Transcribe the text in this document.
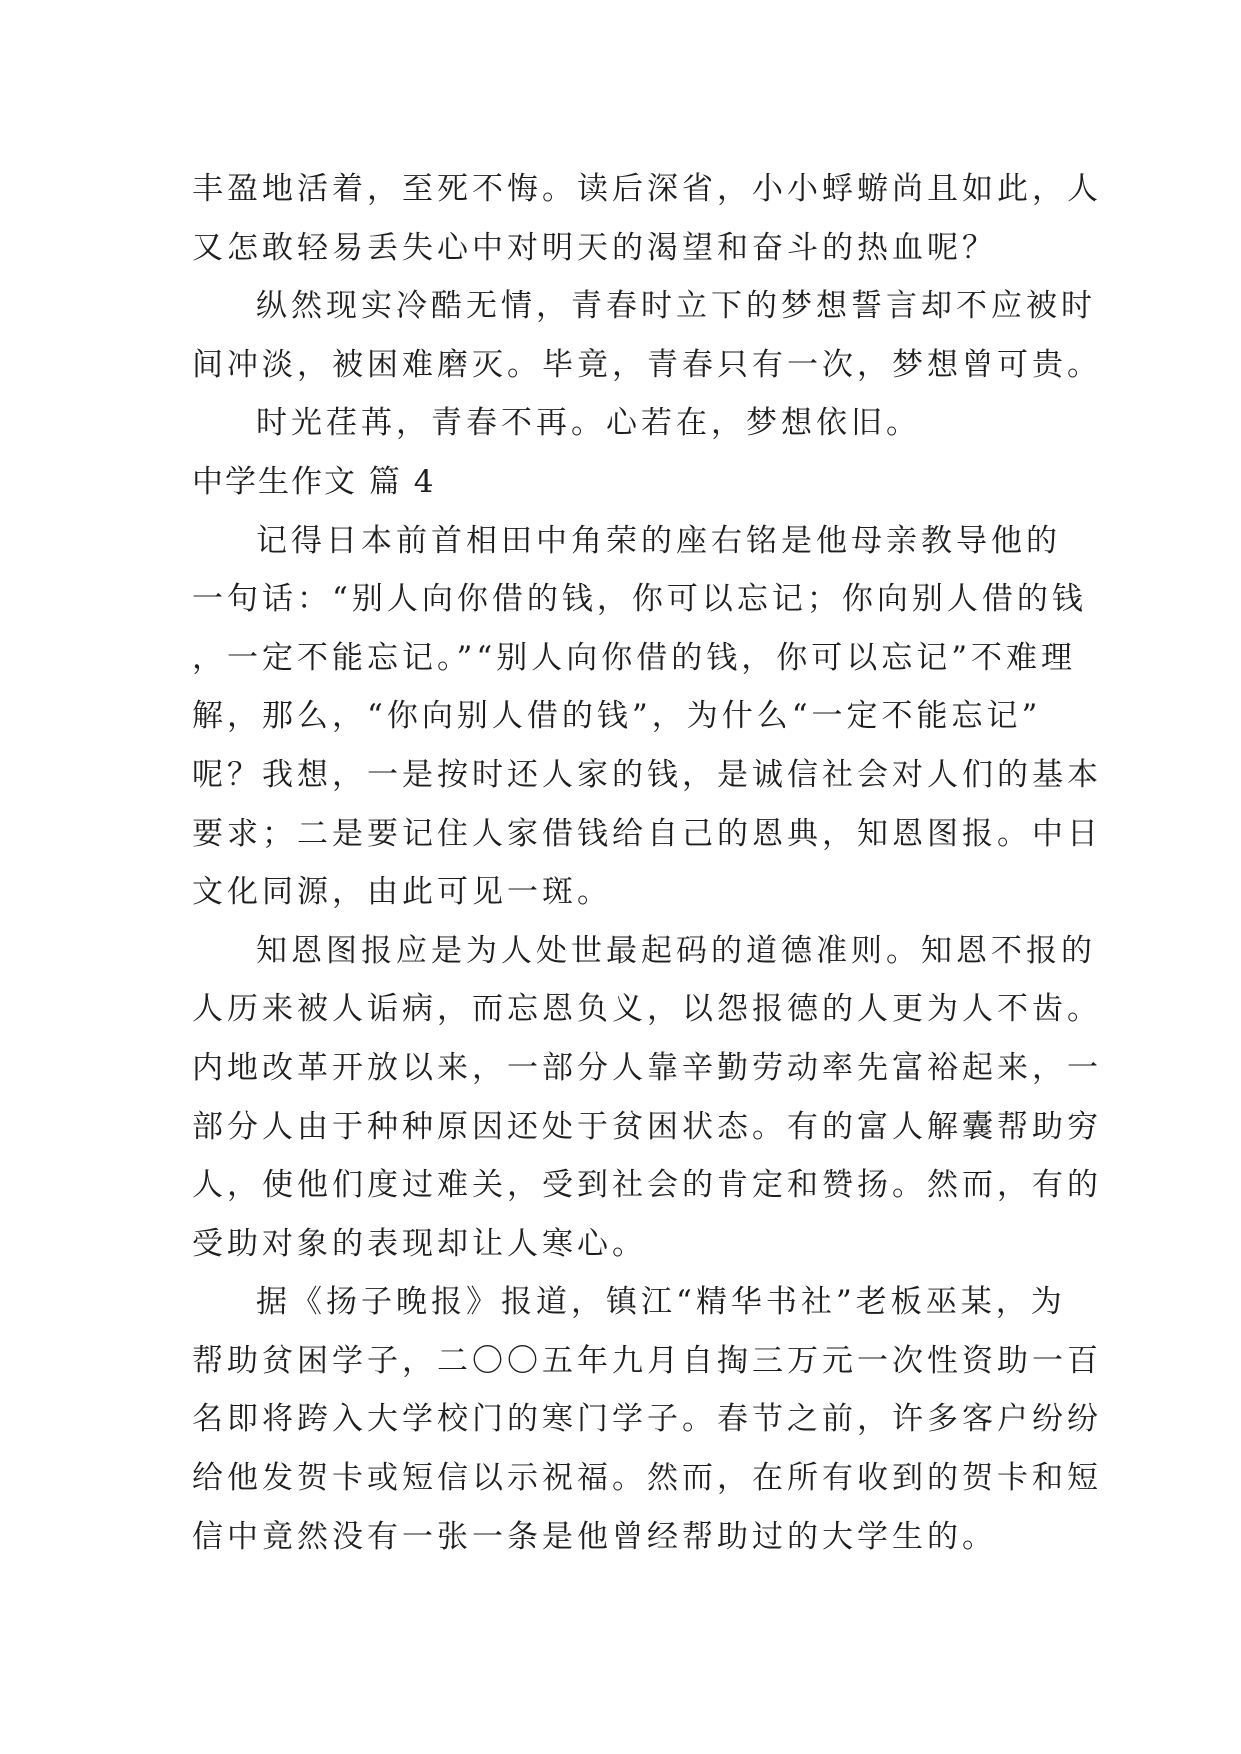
丰盈地活着，至死不悔。读后深省，小小蜉蝣尚且如此，人
又怎敢轻易丢失心中对明天的渴望和奋斗的热血呢？
纵然现实冷酷无情，青春时立下的梦想誓言却不应被时
间冲淡，被困难磨灭。毕竟，青春只有一次，梦想曾可贵。
时光荏苒，青春不再。心若在，梦想依旧。
中学生作文 篇 4
记得日本前首相田中角荣的座右铭是他母亲教导他的
一句话：“别人向你借的钱，你可以忘记；你向别人借的钱
，一定不能忘记。”“别人向你借的钱，你可以忘记”不难理
解，那么，“你向别人借的钱”，为什么“一定不能忘记”
呢？我想，一是按时还人家的钱，是诚信社会对人们的基本
要求；二是要记住人家借钱给自己的恩典，知恩图报。中日
文化同源，由此可见一斑。
知恩图报应是为人处世最起码的道德准则。知恩不报的
人历来被人诟病，而忘恩负义，以怨报德的人更为人不齿。
内地改革开放以来，一部分人靠辛勤劳动率先富裕起来，一
部分人由于种种原因还处于贫困状态。有的富人解囊帮助穷
人，使他们度过难关，受到社会的肯定和赞扬。然而，有的
受助对象的表现却让人寒心。
据《扬子晚报》报道，镇江“精华书社”老板巫某，为
帮助贫困学子，二〇〇五年九月自掏三万元一次性资助一百
名即将跨入大学校门的寒门学子。春节之前，许多客户纷纷
给他发贺卡或短信以示祝福。然而，在所有收到的贺卡和短
信中竟然没有一张一条是他曾经帮助过的大学生的。
